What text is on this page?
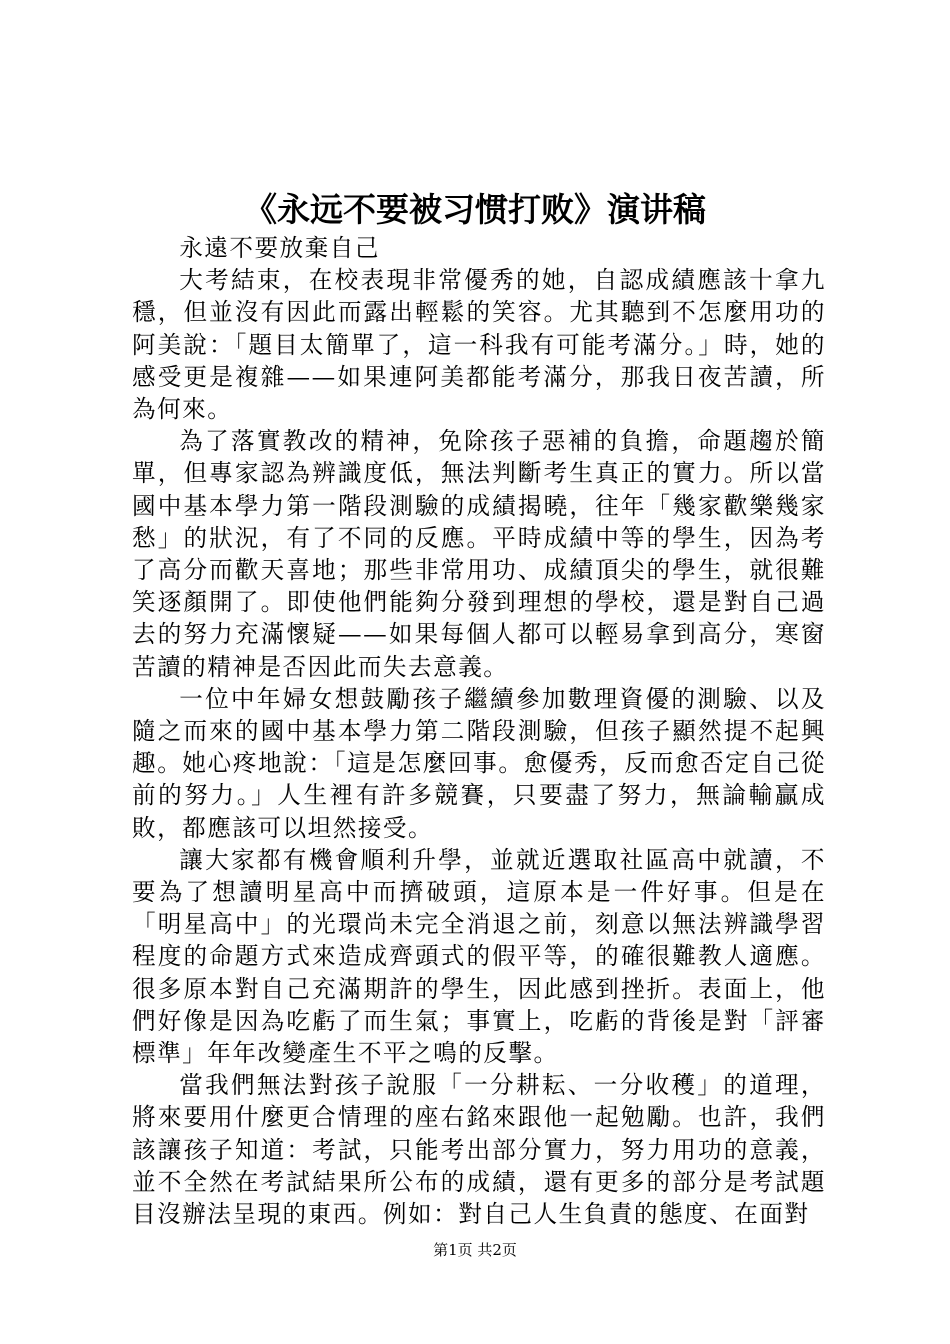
《永远不要被习惯打败》演讲稿

永遠不要放棄自己

大考結束，在校表現非常優秀的她，自認成績應該十拿九穩，但並沒有因此而露出輕鬆的笑容。尤其聽到不怎麼用功的阿美說：「題目太簡單了，這一科我有可能考滿分。」時，她的感受更是複雜——如果連阿美都能考滿分，那我日夜苦讀，所為何來。

為了落實教改的精神，免除孩子惡補的負擔，命題趨於簡單，但專家認為辨識度低，無法判斷考生真正的實力。所以當國中基本學力第一階段測驗的成績揭曉，往年「幾家歡樂幾家愁」的狀況，有了不同的反應。平時成績中等的學生，因為考了高分而歡天喜地；那些非常用功、成績頂尖的學生，就很難笑逐顏開了。即使他們能夠分發到理想的學校，還是對自己過去的努力充滿懷疑——如果每個人都可以輕易拿到高分，寒窗苦讀的精神是否因此而失去意義。

一位中年婦女想鼓勵孩子繼續參加數理資優的測驗、以及隨之而來的國中基本學力第二階段測驗，但孩子顯然提不起興趣。她心疼地說：「這是怎麼回事。愈優秀，反而愈否定自己從前的努力。」人生裡有許多競賽，只要盡了努力，無論輸贏成敗，都應該可以坦然接受。

讓大家都有機會順利升學，並就近選取社區高中就讀，不要為了想讀明星高中而擠破頭，這原本是一件好事。但是在「明星高中」的光環尚未完全消退之前，刻意以無法辨識學習程度的命題方式來造成齊頭式的假平等，的確很難教人適應。很多原本對自己充滿期許的學生，因此感到挫折。表面上，他們好像是因為吃虧了而生氣；事實上，吃虧的背後是對「評審標準」年年改變產生不平之鳴的反擊。

當我們無法對孩子說服「一分耕耘、一分收穫」的道理，將來要用什麼更合情理的座右銘來跟他一起勉勵。也許，我們該讓孩子知道：考試，只能考出部分實力，努力用功的意義，並不全然在考試結果所公布的成績，還有更多的部分是考試題目沒辦法呈現的東西。例如：對自己人生負責的態度、在面對

第1页 共2页
